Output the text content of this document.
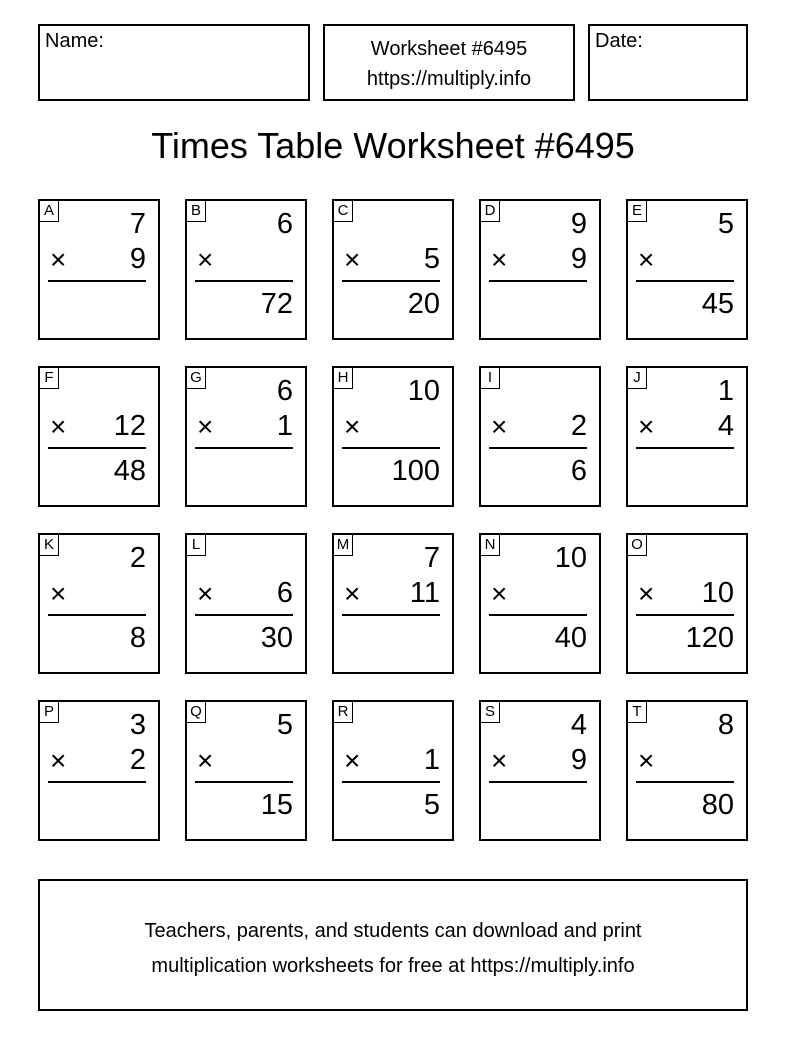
Name:	Worksheet #6495
https://multiply.info
Date:
Times Table Worksheet #6495
A	7
× 9
B	6
×
72
C
× 5
20
D	9
× 9
E	5
×
45
F
× 12
48
G	6
× 1
H 10
×
100
I
× 2
6
J	1
× 4
K	2
×
8
L
× 6
30
M	7
× 11
N 10
×
40
O
× 10
120
P	3
× 2
Q	5
×
15
R
× 1
5
S	4
× 9
T	8
×
80
Teachers, parents, and students can download and print
multiplication worksheets for free at https://multiply.info
